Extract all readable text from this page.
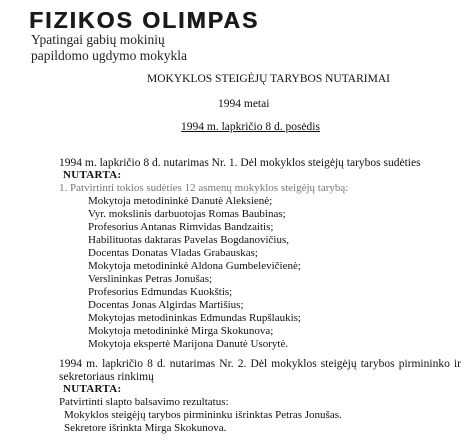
FIZIKOS OLIMPAS
Ypatingai gabių mokinių
papildomo ugdymo mokykla
MOKYKLOS STEIGĖJŲ TARYBOS NUTARIMAI
1994 metai
1994 m. lapkričio 8 d. posėdis
1994 m. lapkričio 8 d. nutarimas Nr. 1. Dėl mokyklos steigėjų tarybos sudėties
NUTARTA:
1. Patvirtinti tokios sudėties 12 asmenų mokyklos steigėjų tarybą:
Mokytoja metodininkė Danutė Aleksienė;
Vyr. mokslinis darbuotojas Romas Baubinas;
Profesorius Antanas Rimvidas Bandzaitis;
Habilituotas daktaras Pavelas Bogdanovičius,
Docentas Donatas Vladas Grabauskas;
Mokytoja metodininkė Aldona Gumbelevičienė;
Verslininkas Petras Jonušas;
Profesorius Edmundas Kuokštis;
Docentas Jonas Algirdas Martišius;
Mokytojas metodininkas Edmundas Rupšlaukis;
Mokytoja metodininkė Mirga Skokunova;
Mokytoja ekspertė Marijona Danutė Usorytė.
1994 m. lapkričio 8 d. nutarimas Nr. 2. Dėl mokyklos steigėjų tarybos pirmininko ir
sekretoriaus rinkimų
NUTARTA:
Patvirtinti slapto balsavimo rezultatus:
Mokyklos steigėjų tarybos pirmininku išrinktas Petras Jonušas.
Sekretore išrinkta Mirga Skokunova.
